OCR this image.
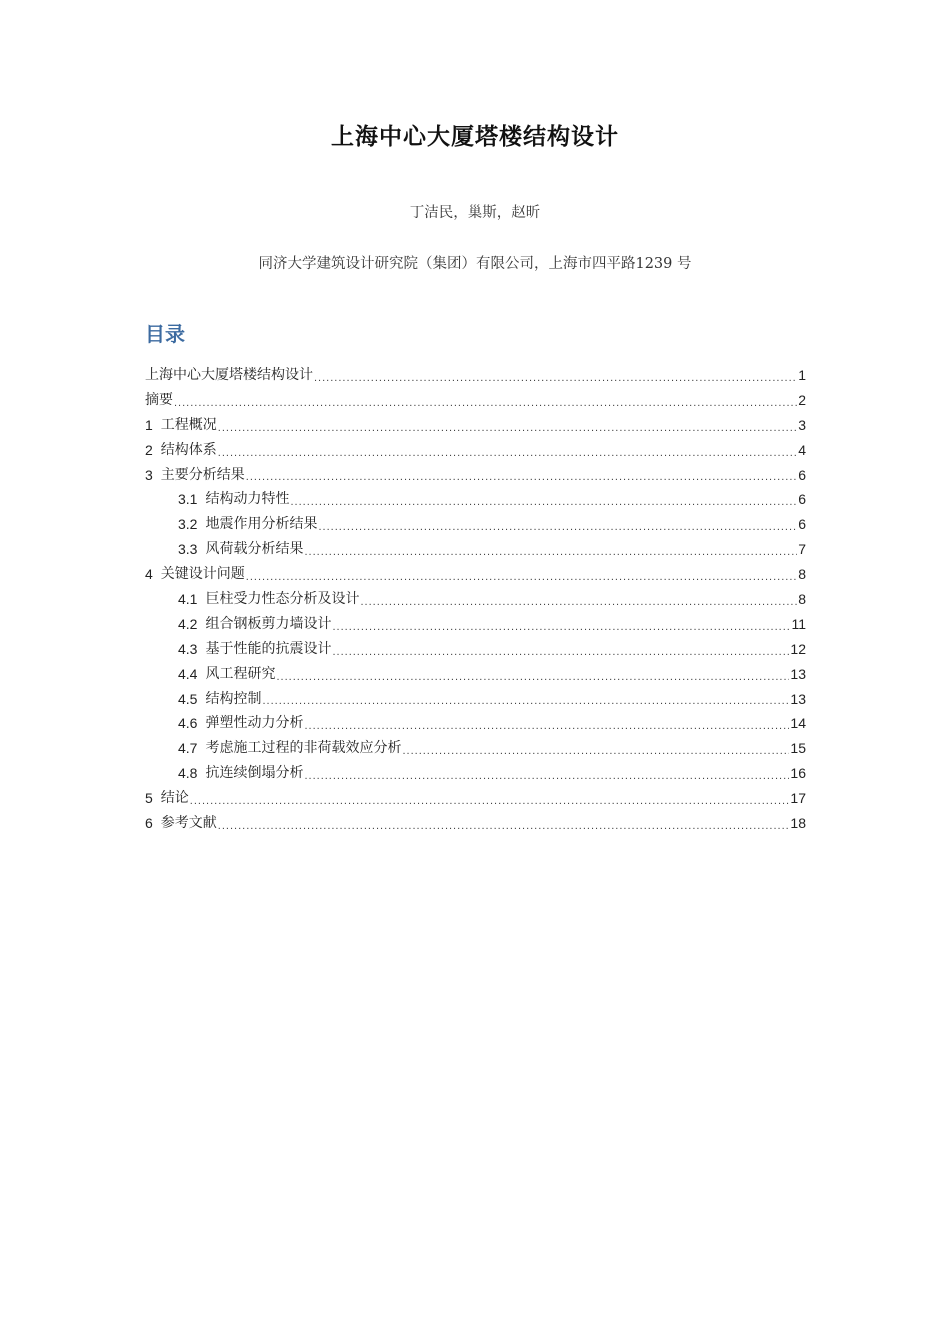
上海中心大厦塔楼结构设计
丁洁民，巢斯，赵昕
同济大学建筑设计研究院（集团）有限公司，上海市四平路1239 号
目录
上海中心大厦塔楼结构设计 .....	1
摘要 .....	2
1 工程概况 .....	3
2 结构体系 .....	4
3 主要分析结果 .....	6
3.1 结构动力特性 .....	6
3.2 地震作用分析结果 .....	6
3.3 风荷载分析结果 .....	7
4 关键设计问题 .....	8
4.1 巨柱受力性态分析及设计 .....	8
4.2 组合钢板剪力墙设计 .....	11
4.3 基于性能的抗震设计 .....	12
4.4 风工程研究 .....	13
4.5 结构控制 .....	13
4.6 弹塑性动力分析 .....	14
4.7 考虑施工过程的非荷载效应分析 .....	15
4.8 抗连续倒塌分析 .....	16
5 结论 .....	17
6 参考文献 .....	18
